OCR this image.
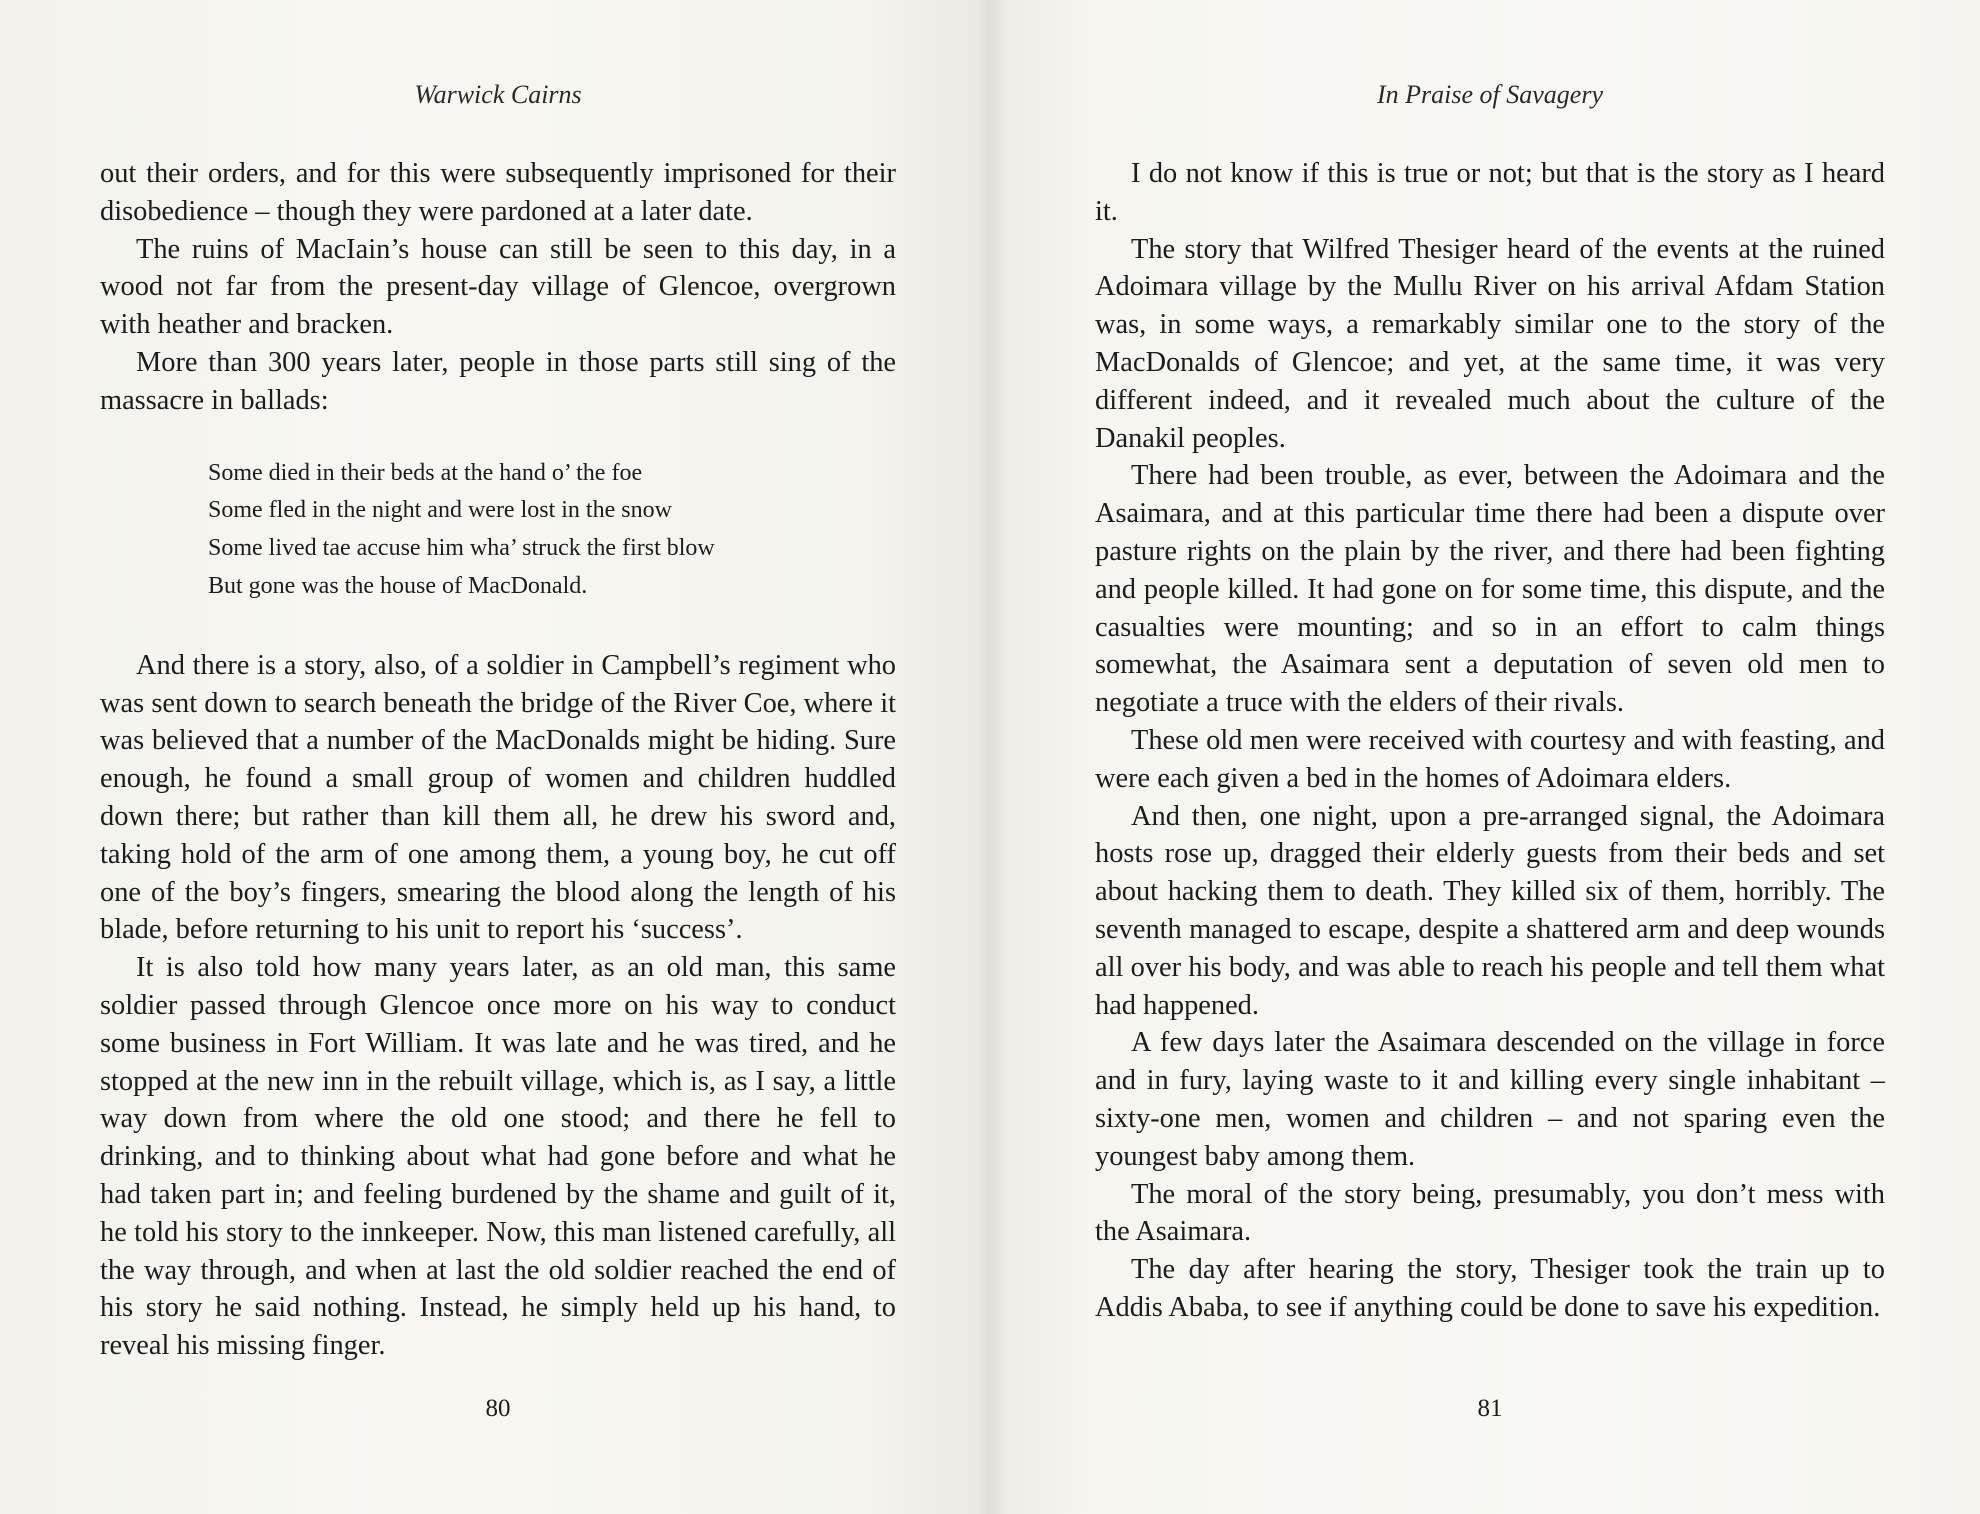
Warwick Cairns

out their orders, and for this were subsequently imprisoned for their disobedience – though they were pardoned at a later date.

The ruins of MacIain’s house can still be seen to this day, in a wood not far from the present-day village of Glencoe, overgrown with heather and bracken.

More than 300 years later, people in those parts still sing of the massacre in ballads:

Some died in their beds at the hand o’ the foe
Some fled in the night and were lost in the snow
Some lived tae accuse him wha’ struck the first blow
But gone was the house of MacDonald.

And there is a story, also, of a soldier in Campbell’s regiment who was sent down to search beneath the bridge of the River Coe, where it was believed that a number of the MacDonalds might be hiding. Sure enough, he found a small group of women and children huddled down there; but rather than kill them all, he drew his sword and, taking hold of the arm of one among them, a young boy, he cut off one of the boy’s fingers, smearing the blood along the length of his blade, before returning to his unit to report his ‘success’.

It is also told how many years later, as an old man, this same soldier passed through Glencoe once more on his way to conduct some business in Fort William. It was late and he was tired, and he stopped at the new inn in the rebuilt village, which is, as I say, a little way down from where the old one stood; and there he fell to drinking, and to thinking about what had gone before and what he had taken part in; and feeling burdened by the shame and guilt of it, he told his story to the innkeeper. Now, this man listened carefully, all the way through, and when at last the old soldier reached the end of his story he said nothing. Instead, he simply held up his hand, to reveal his missing finger.

80
In Praise of Savagery

I do not know if this is true or not; but that is the story as I heard it.

The story that Wilfred Thesiger heard of the events at the ruined Adoimara village by the Mullu River on his arrival Afdam Station was, in some ways, a remarkably similar one to the story of the MacDonalds of Glencoe; and yet, at the same time, it was very different indeed, and it revealed much about the culture of the Danakil peoples.

There had been trouble, as ever, between the Adoimara and the Asaimara, and at this particular time there had been a dispute over pasture rights on the plain by the river, and there had been fighting and people killed. It had gone on for some time, this dispute, and the casualties were mounting; and so in an effort to calm things somewhat, the Asaimara sent a deputation of seven old men to negotiate a truce with the elders of their rivals.

These old men were received with courtesy and with feasting, and were each given a bed in the homes of Adoimara elders.

And then, one night, upon a pre-arranged signal, the Adoimara hosts rose up, dragged their elderly guests from their beds and set about hacking them to death. They killed six of them, horribly. The seventh managed to escape, despite a shattered arm and deep wounds all over his body, and was able to reach his people and tell them what had happened.

A few days later the Asaimara descended on the village in force and in fury, laying waste to it and killing every single inhabitant – sixty-one men, women and children – and not sparing even the youngest baby among them.

The moral of the story being, presumably, you don’t mess with the Asaimara.

The day after hearing the story, Thesiger took the train up to Addis Ababa, to see if anything could be done to save his expedition.

81
